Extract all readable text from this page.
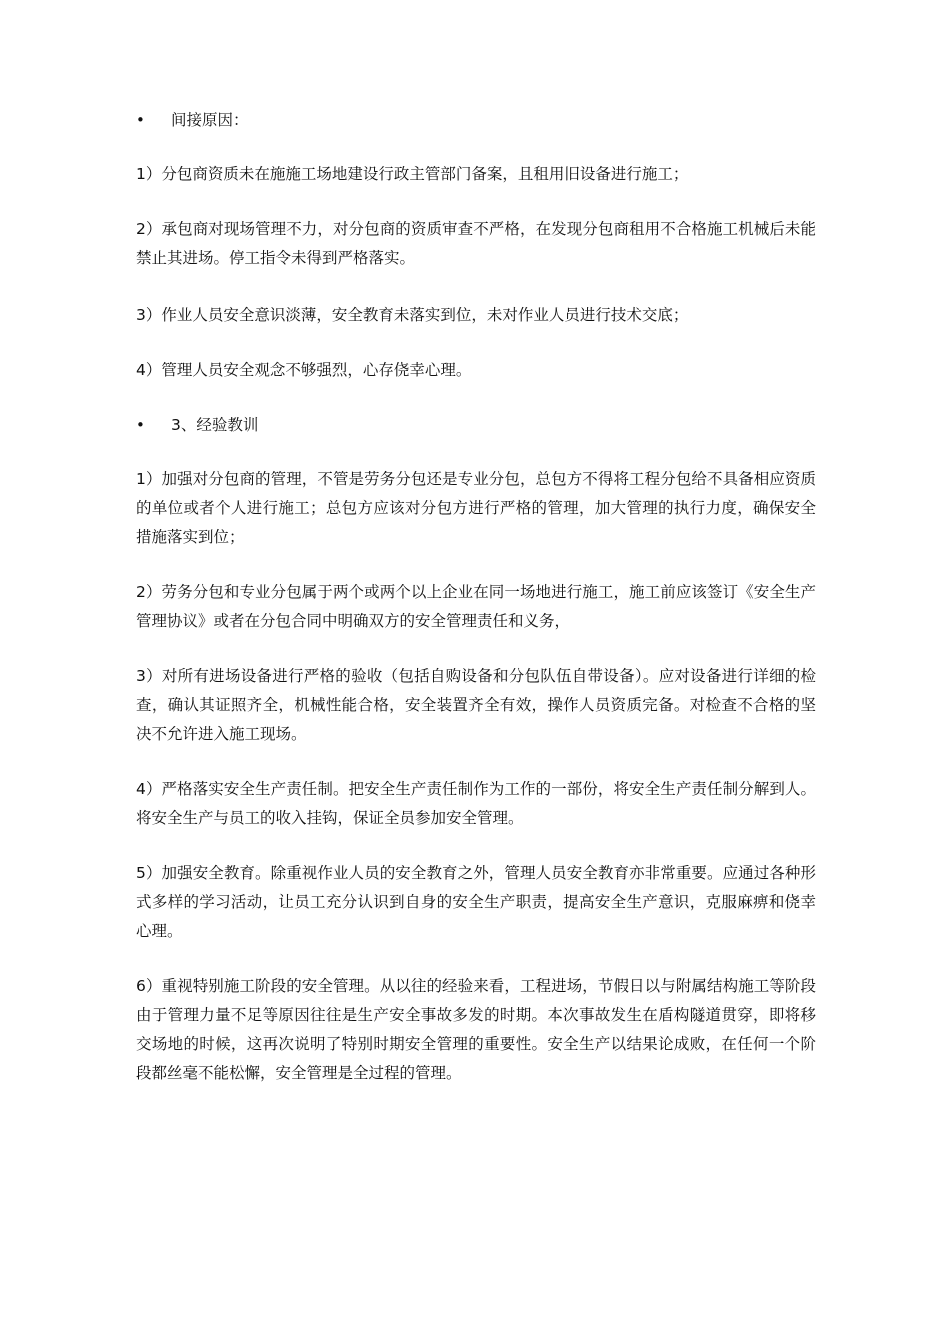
• 间接原因：

1）分包商资质未在施施工场地建设行政主管部门备案，且租用旧设备进行施工；

2）承包商对现场管理不力，对分包商的资质审查不严格，在发现分包商租用不合格施工机械后未能禁止其进场。停工指令未得到严格落实。

3）作业人员安全意识淡薄，安全教育未落实到位，未对作业人员进行技术交底；

4）管理人员安全观念不够强烈，心存侥幸心理。

• 3、经验教训

1）加强对分包商的管理，不管是劳务分包还是专业分包，总包方不得将工程分包给不具备相应资质的单位或者个人进行施工；总包方应该对分包方进行严格的管理，加大管理的执行力度，确保安全措施落实到位；

2）劳务分包和专业分包属于两个或两个以上企业在同一场地进行施工，施工前应该签订《安全生产管理协议》或者在分包合同中明确双方的安全管理责任和义务，

3）对所有进场设备进行严格的验收（包括自购设备和分包队伍自带设备）。应对设备进行详细的检查，确认其证照齐全，机械性能合格，安全装置齐全有效，操作人员资质完备。对检查不合格的坚决不允许进入施工现场。

4）严格落实安全生产责任制。把安全生产责任制作为工作的一部份，将安全生产责任制分解到人。将安全生产与员工的收入挂钩，保证全员参加安全管理。

5）加强安全教育。除重视作业人员的安全教育之外，管理人员安全教育亦非常重要。应通过各种形式多样的学习活动，让员工充分认识到自身的安全生产职责，提高安全生产意识，克服麻痹和侥幸心理。

6）重视特别施工阶段的安全管理。从以往的经验来看，工程进场，节假日以与附属结构施工等阶段由于管理力量不足等原因往往是生产安全事故多发的时期。本次事故发生在盾构隧道贯穿，即将移交场地的时候，这再次说明了特别时期安全管理的重要性。安全生产以结果论成败，在任何一个阶段都丝毫不能松懈，安全管理是全过程的管理。
